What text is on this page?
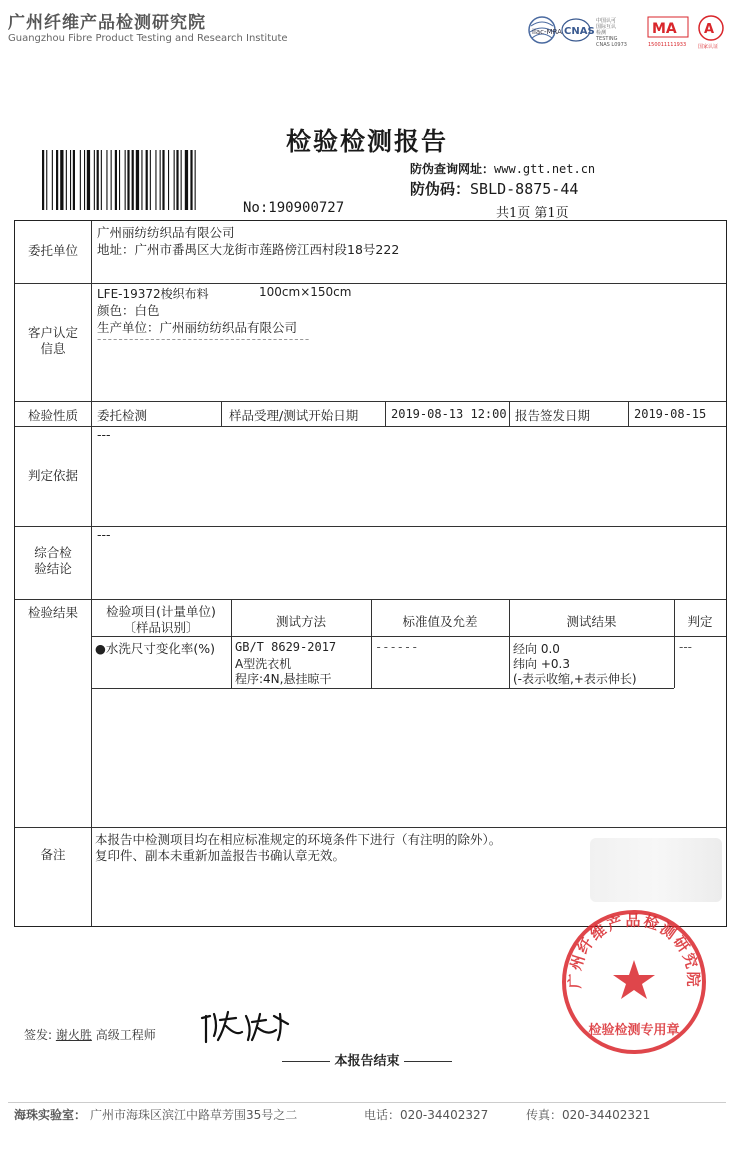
广州纤维产品检测研究院
Guangzhou Fibre Product Testing and Research Institute
ilac-MRA CNAS
中国认可
国际互认
检测
TESTING
CNAS L0973
MA
150011111933
A
国家认证
检验检测报告
No:190900727
防伪查询网址：www.gtt.net.cn
防伪码：SBLD-8875-44
共1页 第1页
委托单位
广州丽纺纺织品有限公司
地址：广州市番禺区大龙街市莲路傍江西村段18号222
客户认定信息
LFE-19372梭织布料	100cm×150cm
颜色：白色
生产单位：广州丽纺纺织品有限公司
----------------------------------------
检验性质	委托检测	样品受理/测试开始日期	2019-08-13 12:00 报告签发日期	2019-08-15
判定依据
---
综合检验结论
---
检验结果	检验项目(计量单位)
〔样品识别〕	测试方法	标准值及允差	测试结果	判定
●水洗尺寸变化率(%) GB/T 8629-2017
A型洗衣机
程序:4N,悬挂晾干
------	经向 0.0
纬向 +0.3
(-表示收缩,+表示伸长)
---
备注
本报告中检测项目均在相应标准规定的环境条件下进行（有注明的除外）。
复印件、副本未重新加盖报告书确认章无效。
广州纤维产品检测研究院
检验检测专用章
签发: 谢火胜 高级工程师
本报告结束
海珠实验室： 广州市海珠区滨江中路草芳围35号之二	电话：020-34402327	传真：020-34402321
